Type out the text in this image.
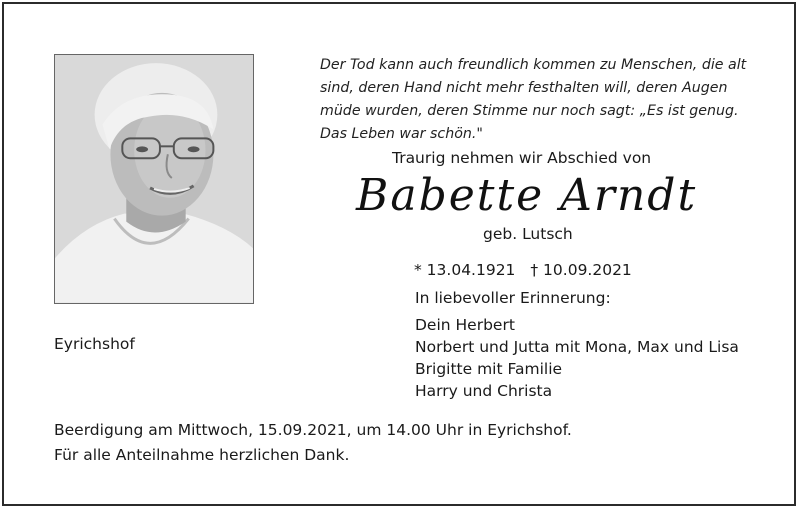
Der Tod kann auch freundlich kommen zu Menschen, die alt
sind, deren Hand nicht mehr festhalten will, deren Augen
müde wurden, deren Stimme nur noch sagt: „Es ist genug.
Das Leben war schön."
Traurig nehmen wir Abschied von
Babette Arndt
geb. Lutsch
* 13.04.1921 † 10.09.2021
In liebevoller Erinnerung:
Dein Herbert
Norbert und Jutta mit Mona, Max und Lisa
Brigitte mit Familie
Harry und Christa
Eyrichshof
Beerdigung am Mittwoch, 15.09.2021, um 14.00 Uhr in Eyrichshof.
Für alle Anteilnahme herzlichen Dank.
